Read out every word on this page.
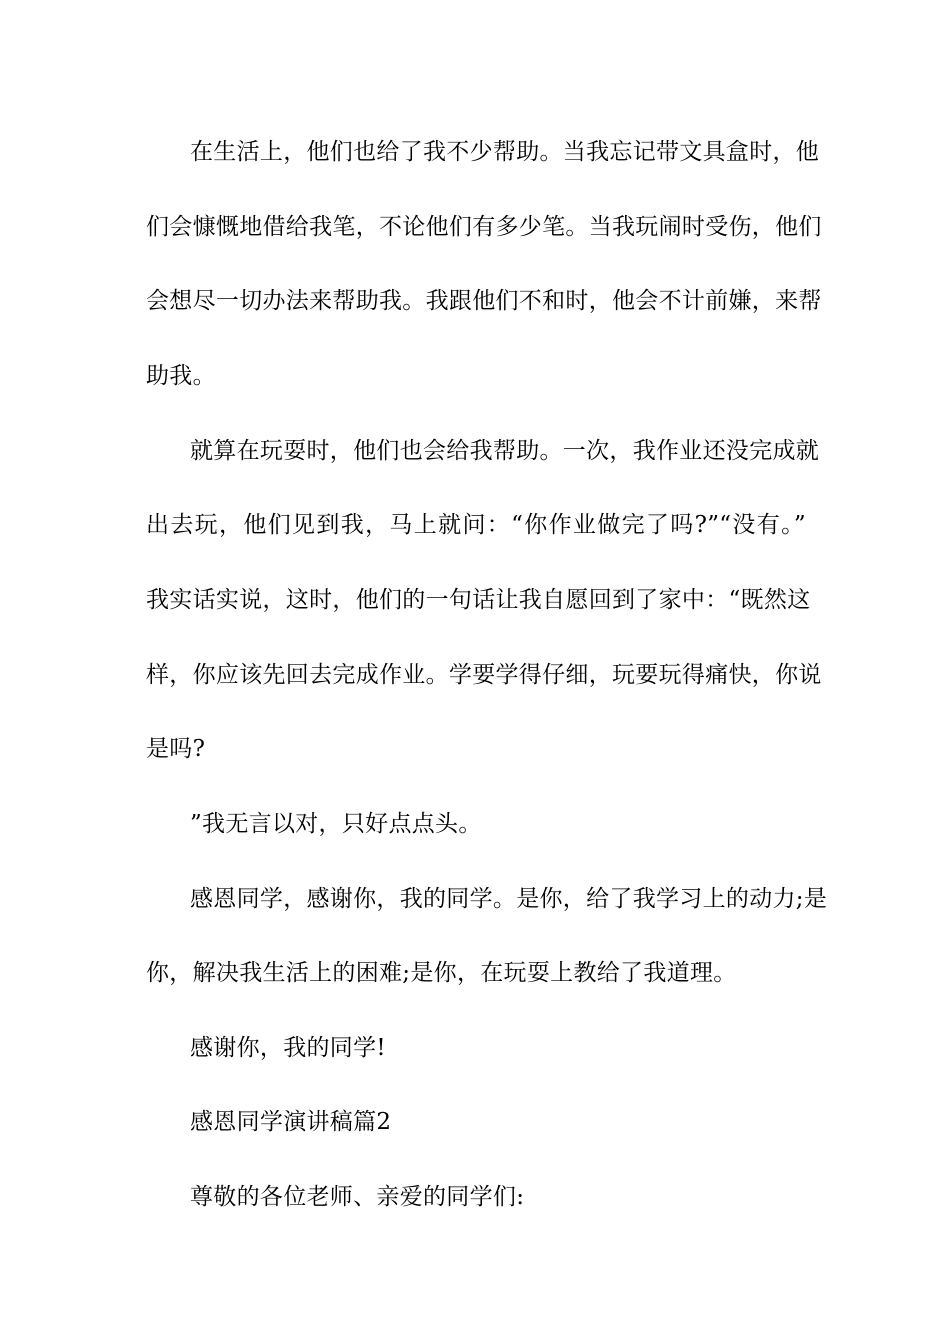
在生活上，他们也给了我不少帮助。当我忘记带文具盒时，他
们会慷慨地借给我笔，不论他们有多少笔。当我玩闹时受伤，他们
会想尽一切办法来帮助我。我跟他们不和时，他会不计前嫌，来帮
助我。
就算在玩耍时，他们也会给我帮助。一次，我作业还没完成就
出去玩，他们见到我，马上就问：“你作业做完了吗?”“没有。”
我实话实说，这时，他们的一句话让我自愿回到了家中：“既然这
样，你应该先回去完成作业。学要学得仔细，玩要玩得痛快，你说
是吗?
”我无言以对，只好点点头。
感恩同学，感谢你，我的同学。是你，给了我学习上的动力;是
你，解决我生活上的困难;是你，在玩耍上教给了我道理。
感谢你，我的同学!
感恩同学演讲稿篇2
尊敬的各位老师、亲爱的同学们:
